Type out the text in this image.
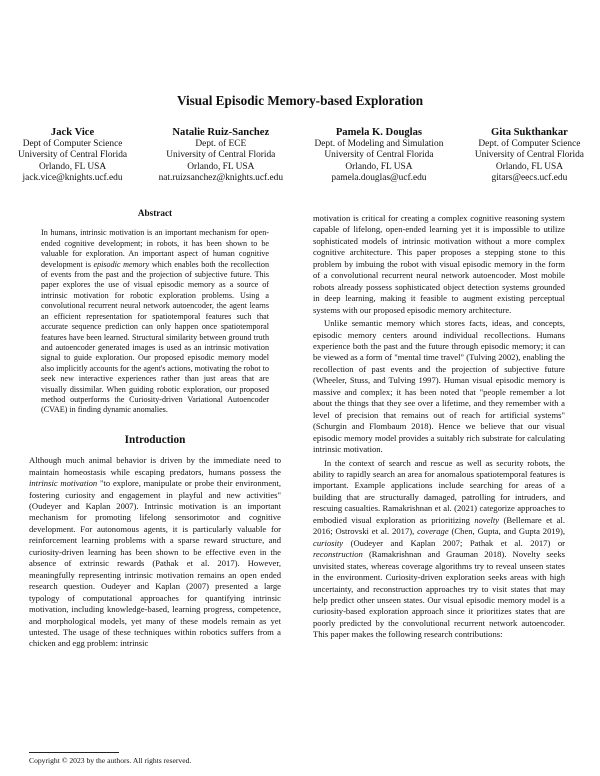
Visual Episodic Memory-based Exploration
Jack Vice
Dept of Computer Science
University of Central Florida
Orlando, FL USA
jack.vice@knights.ucf.edu
Natalie Ruiz-Sanchez
Dept. of ECE
University of Central Florida
Orlando, FL USA
nat.ruizsanchez@knights.ucf.edu
Pamela K. Douglas
Dept. of Modeling and Simulation
University of Central Florida
Orlando, FL USA
pamela.douglas@ucf.edu
Gita Sukthankar
Dept. of Computer Science
University of Central Florida
Orlando, FL USA
gitars@eecs.ucf.edu
Abstract

In humans, intrinsic motivation is an important mechanism for open-ended cognitive development; in robots, it has been shown to be valuable for exploration. An important aspect of human cognitive development is episodic memory which enables both the recollection of events from the past and the projection of subjective future. This paper explores the use of visual episodic memory as a source of intrinsic motivation for robotic exploration problems. Using a convolutional recurrent neural network autoencoder, the agent learns an efficient representation for spatiotemporal features such that accurate sequence prediction can only happen once spatiotemporal features have been learned. Structural similarity between ground truth and autoencoder generated images is used as an intrinsic motivation signal to guide exploration. Our proposed episodic memory model also implicitly accounts for the agent's actions, motivating the robot to seek new interactive experiences rather than just areas that are visually dissimilar. When guiding robotic exploration, our proposed method outperforms the Curiosity-driven Variational Autoencoder (CVAE) in finding dynamic anomalies.

Introduction

Although much animal behavior is driven by the immediate need to maintain homeostasis while escaping predators, humans possess the intrinsic motivation "to explore, manipulate or probe their environment, fostering curiosity and engagement in playful and new activities" (Oudeyer and Kaplan 2007). Intrinsic motivation is an important mechanism for promoting lifelong sensorimotor and cognitive development. For autonomous agents, it is particularly valuable for reinforcement learning problems with a sparse reward structure, and curiosity-driven learning has been shown to be effective even in the absence of extrinsic rewards (Pathak et al. 2017). However, meaningfully representing intrinsic motivation remains an open ended research question. Oudeyer and Kaplan (2007) presented a large typology of computational approaches for quantifying intrinsic motivation, including knowledge-based, learning progress, competence, and morphological models, yet many of these models remain as yet untested. The usage of these techniques within robotics suffers from a chicken and egg problem: intrinsic

motivation is critical for creating a complex cognitive reasoning system capable of lifelong, open-ended learning yet it is impossible to utilize sophisticated models of intrinsic motivation without a more complex cognitive architecture. This paper proposes a stepping stone to this problem by imbuing the robot with visual episodic memory in the form of a convolutional recurrent neural network autoencoder. Most mobile robots already possess sophisticated object detection systems grounded in deep learning, making it feasible to augment existing perceptual systems with our proposed episodic memory architecture.

Unlike semantic memory which stores facts, ideas, and concepts, episodic memory centers around individual recollections. Humans experience both the past and the future through episodic memory; it can be viewed as a form of "mental time travel" (Tulving 2002), enabling the recollection of past events and the projection of subjective future (Wheeler, Stuss, and Tulving 1997). Human visual episodic memory is massive and complex; it has been noted that "people remember a lot about the things that they see over a lifetime, and they remember with a level of precision that remains out of reach for artificial systems" (Schurgin and Flombaum 2018). Hence we believe that our visual episodic memory model provides a suitably rich substrate for calculating intrinsic motivation.

In the context of search and rescue as well as security robots, the ability to rapidly search an area for anomalous spatiotemporal features is important. Example applications include searching for areas of a building that are structurally damaged, patrolling for intruders, and rescuing casualties. Ramakrishnan et al. (2021) categorize approaches to embodied visual exploration as prioritizing novelty (Bellemare et al. 2016; Ostrovski et al. 2017), coverage (Chen, Gupta, and Gupta 2019), curiosity (Oudeyer and Kaplan 2007; Pathak et al. 2017) or reconstruction (Ramakrishnan and Grauman 2018). Novelty seeks unvisited states, whereas coverage algorithms try to reveal unseen states in the environment. Curiosity-driven exploration seeks areas with high uncertainty, and reconstruction approaches try to visit states that may help predict other unseen states. Our visual episodic memory model is a curiosity-based exploration approach since it prioritizes states that are poorly predicted by the convolutional recurrent network autoencoder. This paper makes the following research contributions:

Copyright © 2023 by the authors. All rights reserved.
